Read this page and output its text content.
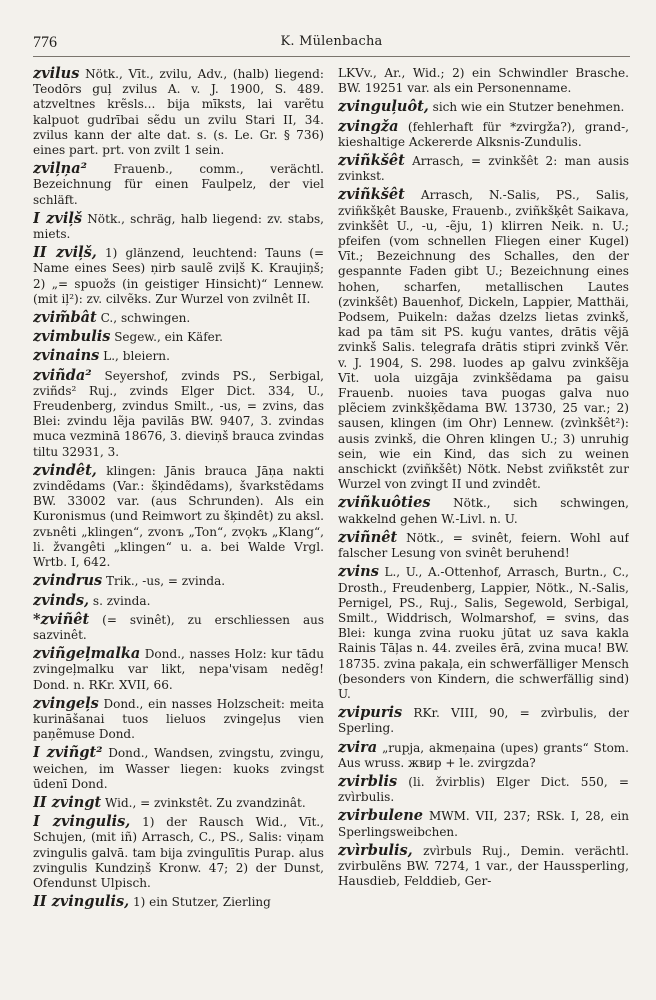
776	K. Mülenbacha
zvilus Nötk., Vīt., zvilu, Adv., (halb) liegend: Teodōrs guļ zvilus A. v. J. 1900, S. 489. atzveltnes krẽsls... bija mīksts, lai varẽtu kalpuot gudrībai sẽdu un zvilu Stari II, 34. zvilus kann der alte dat. s. (s. Le. Gr. § 736) eines part. prt. von zvilt 1 sein.
zviļņa² Frauenb., comm., verächtl. Bezeichnung für einen Faulpelz, der viel schläft.
I zviļš Nötk., schräg, halb liegend: zv. stabs, miets.
II zviļš, 1) glänzend, leuchtend: Tauns (= Name eines Sees) ņirb saulẽ zviļš K. Kraujiņš; 2) „= spuožs (in geistiger Hinsicht)“ Lennew. (mit iļ²): zv. cilvẽks. Zur Wurzel von zvilnêt II.
zvim̃bât C., schwingen.
zvimbulis Segew., ein Käfer.
zvinains L., bleiern.
zviñda² Seyershof, zvinds PS., Serbigal, zviñds² Ruj., zvinds Elger Dict. 334, U., Freudenberg, zvindus Smilt., -us, = zvins, das Blei: zvindu lẽja pavilās BW. 9407, 3. zvindas muca vezminā 18676, 3. dieviņš brauca zvindas tiltu 32931, 3.
zvindêt, klingen: Jānis brauca Jāņa nakti zvindẽdams (Var.: šķindẽdams), švarkstẽdams BW. 33002 var. (aus Schrunden). Als ein Kuronismus (und Reimwort zu šķindêt) zu aksl. zvьnêti „klingen“, zvonъ „Ton“, zvọkъ „Klang“, li. žvangêti „klingen“ u. a. bei Walde Vrgl. Wrtb. I, 642.
zvindrus Trik., -us, = zvinda.
zvinds, s. zvinda.
*zviñêt (= svinêt), zu erschliessen aus sazvinêt.
zviñgeļmalka Dond., nasses Holz: kur tādu zvingeļmalku var likt, nepa'visam nedẽg! Dond. n. RKr. XVII, 66.
zvingeļs Dond., ein nasses Holzscheit: meita kurināšanai tuos lieluos zvingeļus vien paņẽmuse Dond.
I zviñgt² Dond., Wandsen, zvingstu, zvingu, weichen, im Wasser liegen: kuoks zvingst ūdenī Dond.
II zvingt Wid., = zvinkstêt. Zu zvandzinât.
I zvingulis, 1) der Rausch Wid., Vīt., Schujen, (mit iñ) Arrasch, C., PS., Salis: viņam zvingulis galvā. tam bija zvingulītis Purap. alus zvingulis Kundziņš Kronw. 47; 2) der Dunst, Ofendunst Ulpisch.
II zvingulis, 1) ein Stutzer, Zierling
LKVv., Ar., Wid.; 2) ein Schwindler Brasche. BW. 19251 var. als ein Personenname.
zvinguļuôt, sich wie ein Stutzer benehmen.
zvingža (fehlerhaft für *zvirgža?), grand-, kieshaltige Ackererde Alksnis-Zundulis.
zviñkšêt Arrasch, = zvinkšêt 2: man ausis zvinkst.
zviñkšêt Arrasch, N.-Salis, PS., Salis, zviñkšķêt Bauske, Frauenb., zviñkšķêt Saikava, zvinkšêt U., -u, -ẽju, 1) klirren Neik. n. U.; pfeifen (vom schnellen Fliegen einer Kugel) Vīt.; Bezeichnung des Schalles, den der gespannte Faden gibt U.; Bezeichnung eines hohen, scharfen, metallischen Lautes (zvinkšêt) Bauenhof, Dickeln, Lappier, Matthäi, Podsem, Puikeln: dažas dzelzs lietas zvinkš, kad pa tām sit PS. kuģu vantes, drātis vẽjā zvinkš Salis. telegrafa drātis stipri zvinkš Vẽr. v. J. 1904, S. 298. luodes ap galvu zvinkšẽja Vīt. uola uizgāja zvinkšẽdama pa gaisu Frauenb. nuoies tava puogas galva nuo plẽciem zvinkšķẽdama BW. 13730, 25 var.; 2) sausen, klingen (im Ohr) Lennew. (zvìnkšêt²): ausis zvinkš, die Ohren klingen U.; 3) unruhig sein, wie ein Kind, das sich zu weinen anschickt (zviñkšêt) Nötk. Nebst zviñkstêt zur Wurzel von zvingt II und zvindêt.
zviñkuôties Nötk., sich schwingen, wakkelnd gehen W.-Livl. n. U.
zviñnêt Nötk., = svinêt, feiern. Wohl auf falscher Lesung von svinêt beruhend!
zvins L., U., A.-Ottenhof, Arrasch, Burtn., C., Drosth., Freudenberg, Lappier, Nötk., N.-Salis, Pernigel, PS., Ruj., Salis, Segewold, Serbigal, Smilt., Widdrisch, Wolmarshof, = svins, das Blei: kunga zvina ruoku jūtat uz sava kakla Rainis Tāļas n. 44. zveiles ērā, zvina muca! BW. 18735. zvina pakaļa, ein schwerfälliger Mensch (besonders von Kindern, die schwerfällig sind) U.
zvipuris RKr. VIII, 90, = zvìrbulis, der Sperling.
zvira „rupja, akmeņaina (upes) grants“ Stom. Aus wruss. жвир + le. zvirgzda?
zvirblis (li. žvirblis) Elger Dict. 550, = zvìrbulis.
zvirbulene MWM. VII, 237; RSk. I, 28, ein Sperlingsweibchen.
zvìrbulis, zvìrbuls Ruj., Demin. verächtl. zvirbulẽns BW. 7274, 1 var., der Haussperling, Hausdieb, Felddieb, Ger-
